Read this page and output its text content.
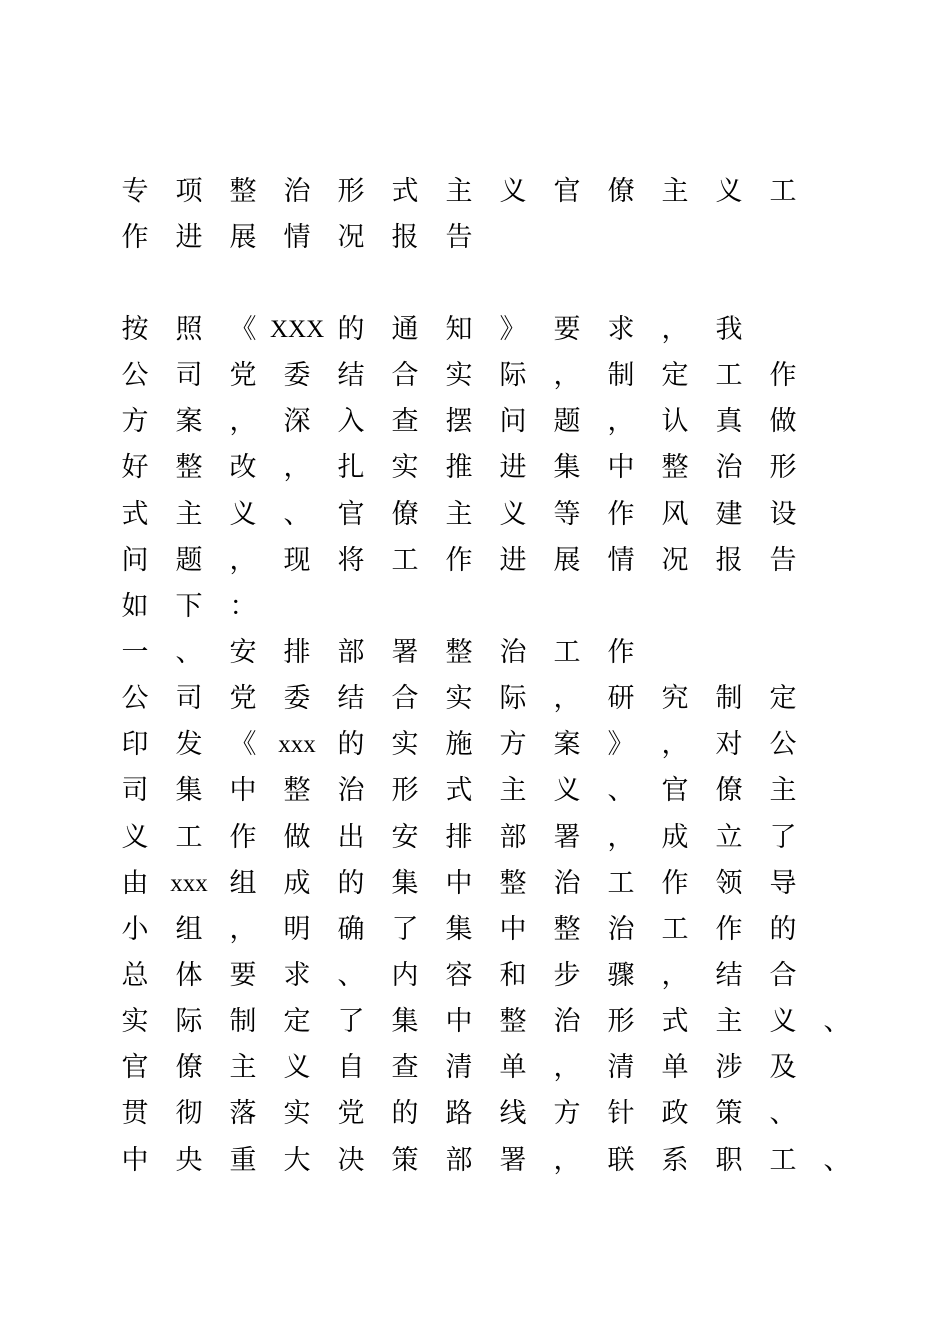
专	项	整	治	形	式	主	义	官	僚	主	义	工
作	进	展	情	况	报	告
按	照	《 XXX 的	通	知	》	要	求	，	我
公	司	党	委	结	合	实	际	，	制	定	工	作
方	案	，	深	入	查	摆	问	题	，	认	真	做
好	整	改	，	扎	实	推	进	集	中	整	治	形
式	主	义	、	官	僚	主	义	等	作	风	建	设
问	题	，	现	将	工	作	进	展	情	况	报	告
如	下	：
一	、	安	排	部	署	整	治	工	作
公	司	党	委	结	合	实	际	，	研	究	制	定
印	发	《 xxx 的	实	施	方	案	》	，	对	公
司	集	中	整	治	形	式	主	义	、	官	僚	主
义	工	作	做	出	安	排	部	署	，	成	立	了
由 xxx 组	成	的	集	中	整	治	工	作	领	导
小	组	，	明	确	了	集	中	整	治	工	作	的
总	体	要	求	、	内	容	和	步	骤	，	结	合
实	际	制	定	了	集	中	整	治	形	式	主	义	、
官	僚	主	义	自	查	清	单	，	清	单	涉	及
贯	彻	落	实	党	的	路	线	方	针	政	策	、
中	央	重	大	决	策	部	署	，	联	系	职	工	、
